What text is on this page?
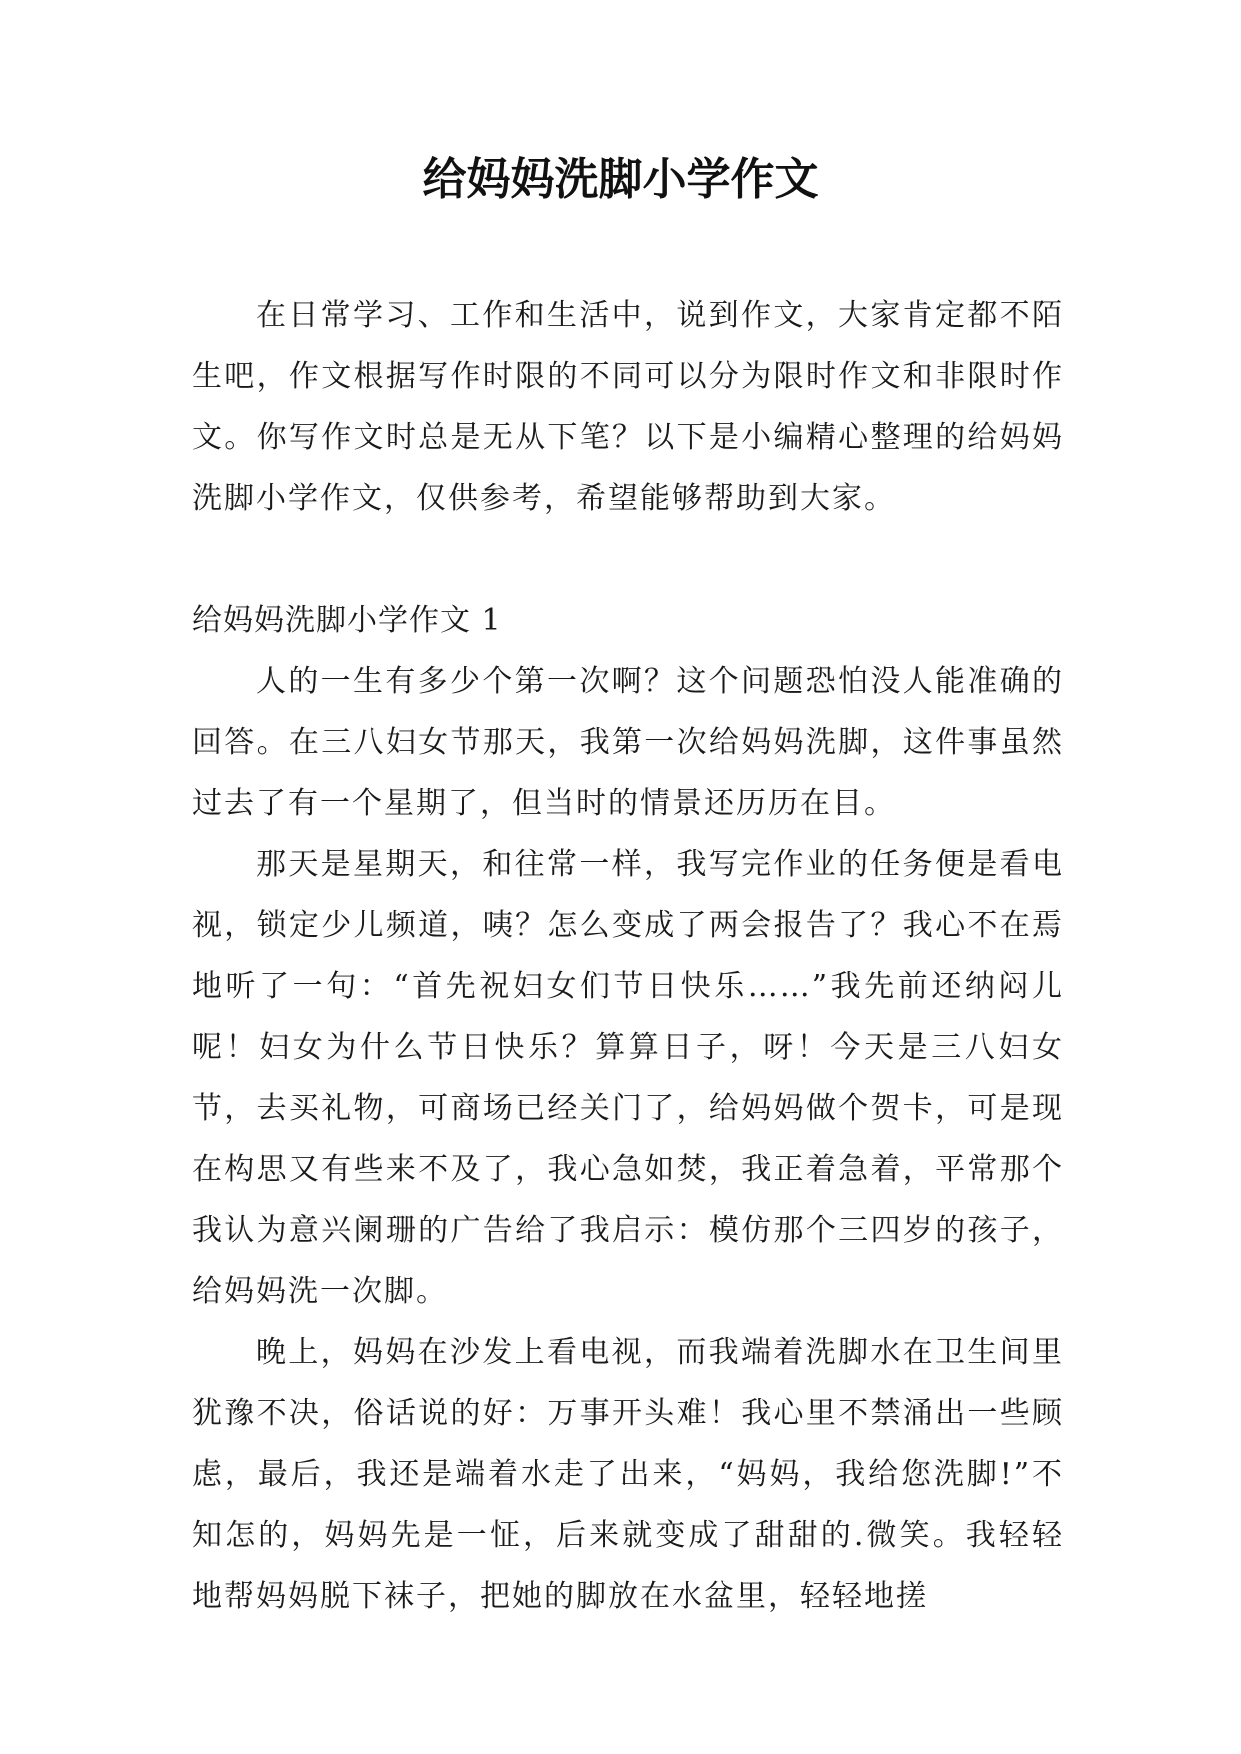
给妈妈洗脚小学作文

在日常学习、工作和生活中，说到作文，大家肯定都不陌生吧，作文根据写作时限的不同可以分为限时作文和非限时作文。你写作文时总是无从下笔？以下是小编精心整理的给妈妈洗脚小学作文，仅供参考，希望能够帮助到大家。

给妈妈洗脚小学作文 1

人的一生有多少个第一次啊？这个问题恐怕没人能准确的回答。在三八妇女节那天，我第一次给妈妈洗脚，这件事虽然过去了有一个星期了，但当时的情景还历历在目。

那天是星期天，和往常一样，我写完作业的任务便是看电视，锁定少儿频道，咦？怎么变成了两会报告了？我心不在焉地听了一句：“首先祝妇女们节日快乐……”我先前还纳闷儿呢！妇女为什么节日快乐？算算日子，呀！今天是三八妇女节，去买礼物，可商场已经关门了，给妈妈做个贺卡，可是现在构思又有些来不及了，我心急如焚，我正着急着，平常那个我认为意兴阑珊的广告给了我启示：模仿那个三四岁的孩子，给妈妈洗一次脚。

晚上，妈妈在沙发上看电视，而我端着洗脚水在卫生间里犹豫不决，俗话说的好：万事开头难！我心里不禁涌出一些顾虑，最后，我还是端着水走了出来，“妈妈，我给您洗脚!”不知怎的，妈妈先是一怔，后来就变成了甜甜的.微笑。我轻轻地帮妈妈脱下袜子，把她的脚放在水盆里，轻轻地搓
